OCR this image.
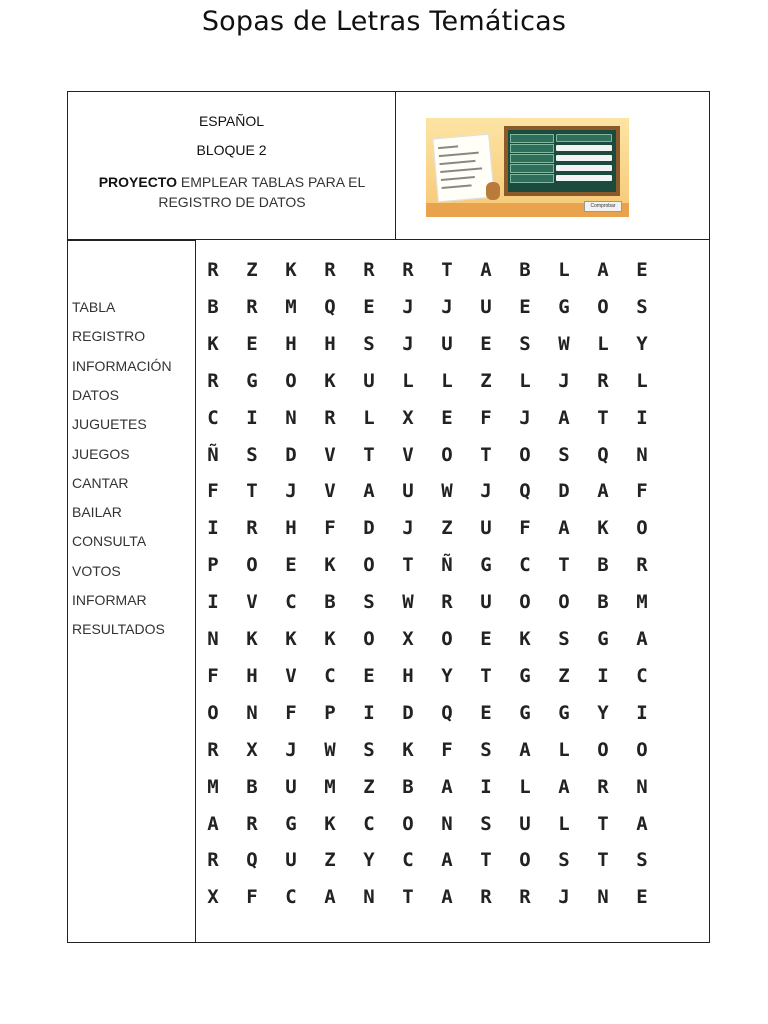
Sopas de Letras Temáticas
ESPAÑOL
BLOQUE 2
PROYECTO EMPLEAR TABLAS PARA EL REGISTRO DE DATOS	Comprobar
TABLA
REGISTRO
INFORMACIÓN
DATOS
JUGUETES
JUEGOS
CANTAR
BAILAR
CONSULTA
VOTOS
INFORMAR
RESULTADOS
R	Z	K	R	R	R	T	A	B	L	A	E
B	R	M	Q	E	J	J	U	E	G	O	S
K	E	H	H	S	J	U	E	S	W	L	Y
R	G	O	K	U	L	L	Z	L	J	R	L
C	I	N	R	L	X	E	F	J	A	T	I
Ñ	S	D	V	T	V	O	T	O	S	Q	N
F	T	J	V	A	U	W	J	Q	D	A	F
I	R	H	F	D	J	Z	U	F	A	K	O
P	O	E	K	O	T	Ñ	G	C	T	B	R
I	V	C	B	S	W	R	U	O	O	B	M
N	K	K	K	O	X	O	E	K	S	G	A
F	H	V	C	E	H	Y	T	G	Z	I	C
O	N	F	P	I	D	Q	E	G	G	Y	I
R	X	J	W	S	K	F	S	A	L	O	O
M	B	U	M	Z	B	A	I	L	A	R	N
A	R	G	K	C	O	N	S	U	L	T	A
R	Q	U	Z	Y	C	A	T	O	S	T	S
X	F	C	A	N	T	A	R	R	J	N	E
